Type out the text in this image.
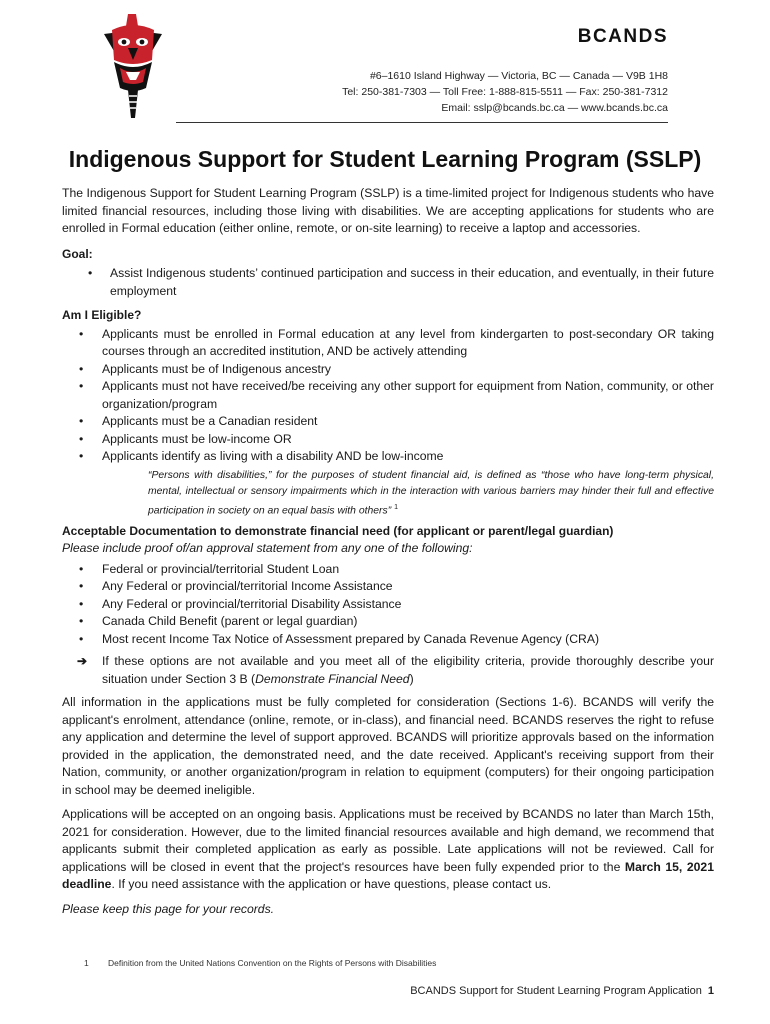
BCANDS
#6–1610 Island Highway — Victoria, BC — Canada — V9B 1H8
Tel: 250-381-7303 — Toll Free: 1-888-815-5511 — Fax: 250-381-7312
Email: sslp@bcands.bc.ca — www.bcands.bc.ca
Indigenous Support for Student Learning Program (SSLP)

The Indigenous Support for Student Learning Program (SSLP) is a time-limited project for Indigenous students who have limited financial resources, including those living with disabilities. We are accepting applications for students who are enrolled in Formal education (either online, remote, or on-site learning) to receive a laptop and accessories.

Goal:
• Assist Indigenous students’ continued participation and success in their education, and eventually, in their future employment
Am I Eligible?
• Applicants must be enrolled in Formal education at any level from kindergarten to post-secondary OR taking courses through an accredited institution, AND be actively attending
• Applicants must be of Indigenous ancestry
• Applicants must not have received/be receiving any other support for equipment from Nation, community, or other organization/program
• Applicants must be a Canadian resident
• Applicants must be low-income OR
• Applicants identify as living with a disability AND be low-income

“Persons with disabilities,” for the purposes of student financial aid, is defined as “those who have long-term physical, mental, intellectual or sensory impairments which in the interaction with various barriers may hinder their full and effective participation in society on an equal basis with others” $^1$

Acceptable Documentation to demonstrate financial need (for applicant or parent/legal guardian)
Please include proof of/an approval statement from any one of the following:
• Federal or provincial/territorial Student Loan
• Any Federal or provincial/territorial Income Assistance
• Any Federal or provincial/territorial Disability Assistance
• Canada Child Benefit (parent or legal guardian)
• Most recent Income Tax Notice of Assessment prepared by Canada Revenue Agency (CRA)

➔ If these options are not available and you meet all of the eligibility criteria, provide thoroughly describe your situation under Section 3 B (Demonstrate Financial Need)

All information in the applications must be fully completed for consideration (Sections 1-6). BCANDS will verify the applicant's enrolment, attendance (online, remote, or in-class), and financial need. BCANDS reserves the right to refuse any application and determine the level of support approved. BCANDS will prioritize approvals based on the information provided in the application, the demonstrated need, and the date received. Applicant's receiving support from their Nation, community, or another organization/program in relation to equipment (computers) for their ongoing participation in school may be deemed ineligible.

Applications will be accepted on an ongoing basis. Applications must be received by BCANDS no later than March 15th, 2021 for consideration. However, due to the limited financial resources available and high demand, we recommend that applicants submit their completed application as early as possible. Late applications will not be reviewed. Call for applications will be closed in event that the project's resources have been fully expended prior to the March 15, 2021 deadline. If you need assistance with the application or have questions, please contact us.

Please keep this page for your records.

1 Definition from the United Nations Convention on the Rights of Persons with Disabilities
BCANDS Support for Student Learning Program Application 1
